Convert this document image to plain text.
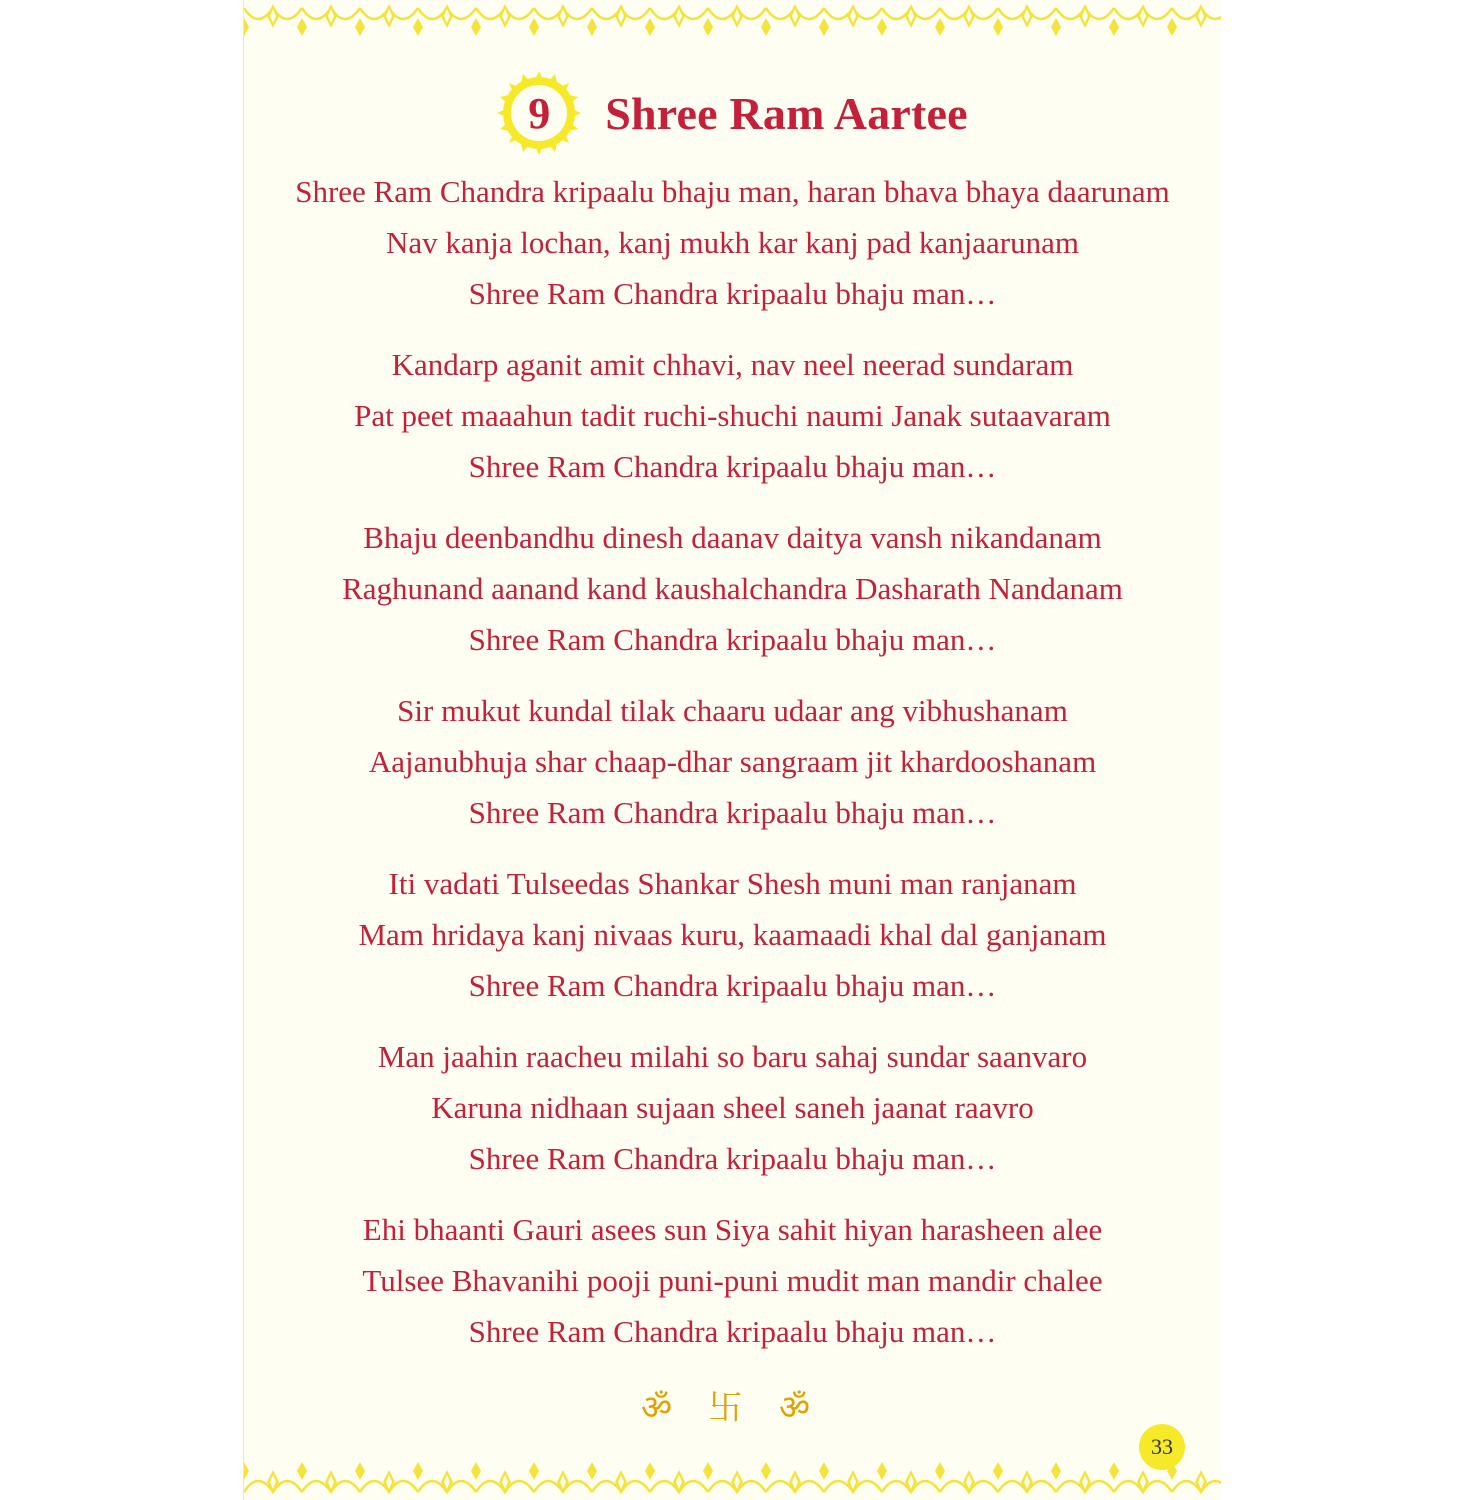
9 Shree Ram Aartee
Shree Ram Chandra kripaalu bhaju man, haran bhava bhaya daarunam
Nav kanja lochan, kanj mukh kar kanj pad kanjaarunam
Shree Ram Chandra kripaalu bhaju man…
Kandarp aganit amit chhavi, nav neel neerad sundaram
Pat peet maaahun tadit ruchi-shuchi naumi Janak sutaavaram
Shree Ram Chandra kripaalu bhaju man…
Bhaju deenbandhu dinesh daanav daitya vansh nikandanam
Raghunand aanand kand kaushalchandra Dasharath Nandanam
Shree Ram Chandra kripaalu bhaju man…
Sir mukut kundal tilak chaaru udaar ang vibhushanam
Aajanubhuja shar chaap-dhar sangraam jit khardooshanam
Shree Ram Chandra kripaalu bhaju man…
Iti vadati Tulseedas Shankar Shesh muni man ranjanam
Mam hridaya kanj nivaas kuru, kaamaadi khal dal ganjanam
Shree Ram Chandra kripaalu bhaju man…
Man jaahin raacheu milahi so baru sahaj sundar saanvaro
Karuna nidhaan sujaan sheel saneh jaanat raavro
Shree Ram Chandra kripaalu bhaju man…
Ehi bhaanti Gauri asees sun Siya sahit hiyan harasheen alee
Tulsee Bhavanihi pooji puni-puni mudit man mandir chalee
Shree Ram Chandra kripaalu bhaju man…
ॐ 卐 ॐ
33
